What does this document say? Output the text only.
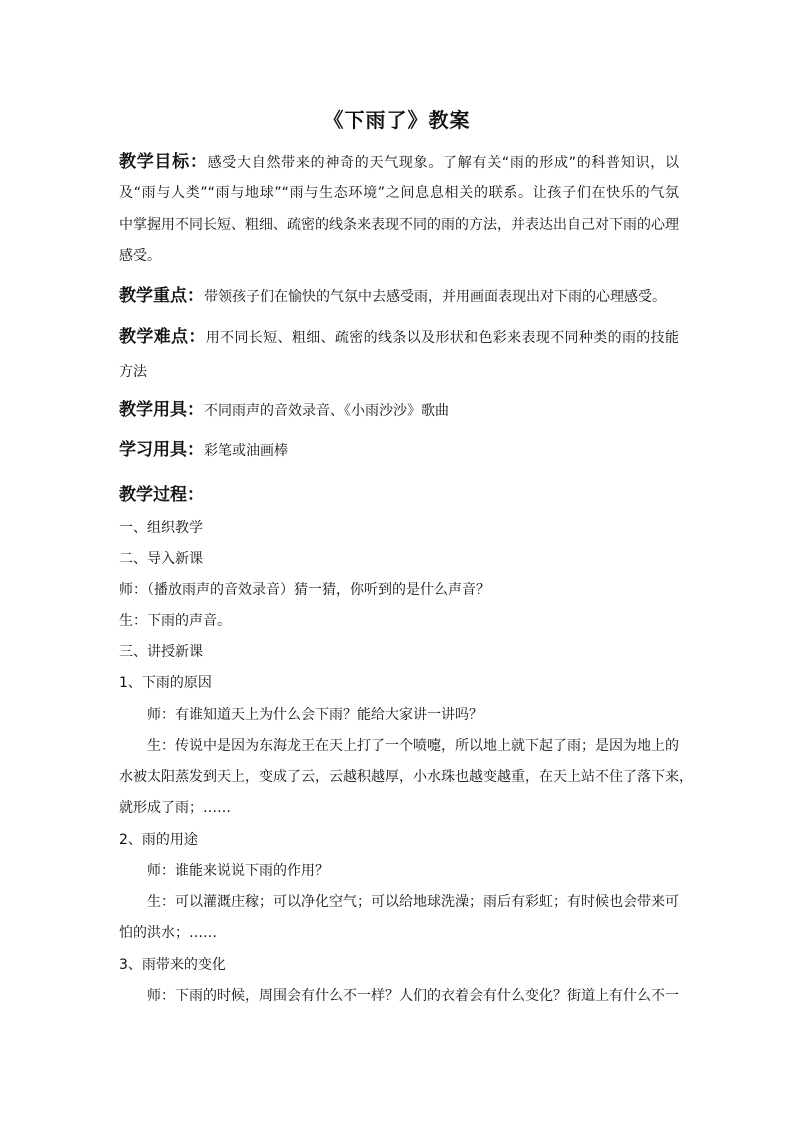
《下雨了》教案
教学目标：感受大自然带来的神奇的天气现象。了解有关“雨的形成”的科普知识，以
及“雨与人类”“雨与地球”“雨与生态环境”之间息息相关的联系。让孩子们在快乐的气氛
中掌握用不同长短、粗细、疏密的线条来表现不同的雨的方法，并表达出自己对下雨的心理
感受。
教学重点：带领孩子们在愉快的气氛中去感受雨，并用画面表现出对下雨的心理感受。
教学难点：用不同长短、粗细、疏密的线条以及形状和色彩来表现不同种类的雨的技能
方法
教学用具：不同雨声的音效录音、《小雨沙沙》歌曲
学习用具：彩笔或油画棒
教学过程：
一、组织教学
二、导入新课
师：（播放雨声的音效录音）猜一猜，你听到的是什么声音？
生：下雨的声音。
三、讲授新课
1、下雨的原因
师：有谁知道天上为什么会下雨？能给大家讲一讲吗？
生：传说中是因为东海龙王在天上打了一个喷嚏，所以地上就下起了雨；是因为地上的
水被太阳蒸发到天上，变成了云，云越积越厚，小水珠也越变越重，在天上站不住了落下来，
就形成了雨；……
2、雨的用途
师：谁能来说说下雨的作用？
生：可以灌溉庄稼；可以净化空气；可以给地球洗澡；雨后有彩虹；有时候也会带来可
怕的洪水；……
3、雨带来的变化
师：下雨的时候，周围会有什么不一样？人们的衣着会有什么变化？街道上有什么不一
